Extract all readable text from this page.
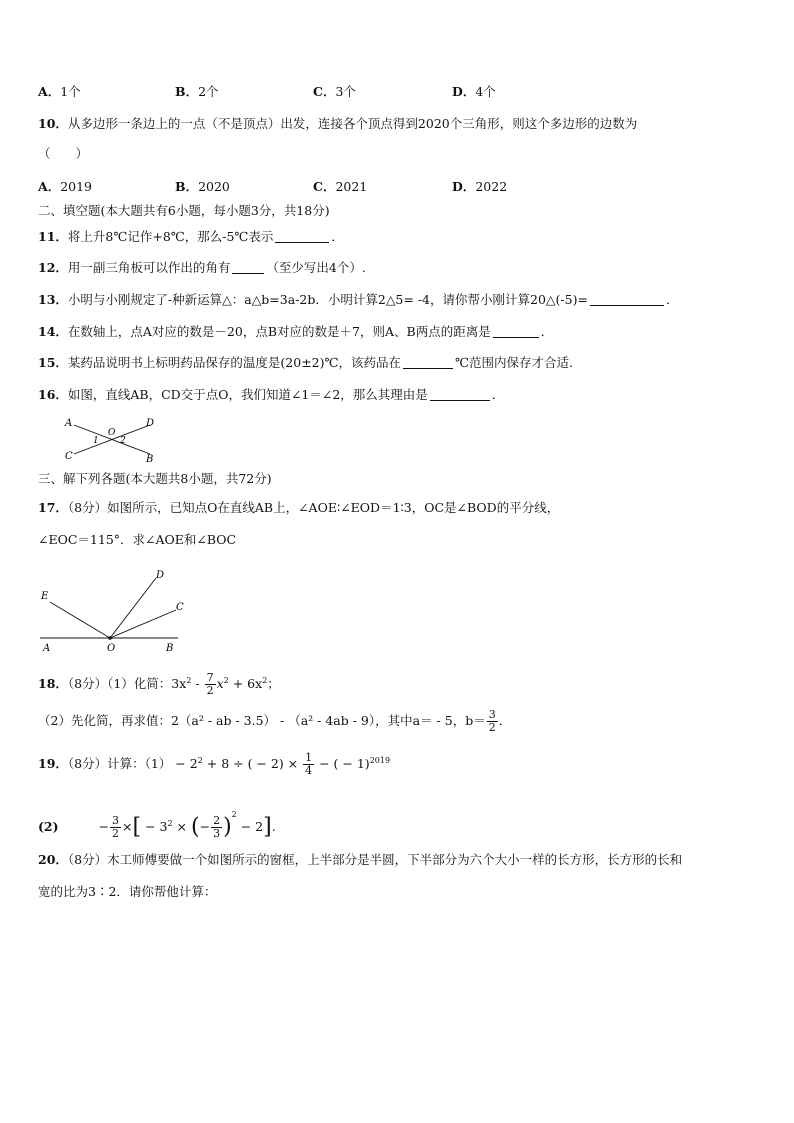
A．1个	B．2个	C．3个	D．4个
10．从多边形一条边上的一点（不是顶点）出发，连接各个顶点得到2020个三角形，则这个多边形的边数为
（　　）
A．2019	B．2020	C．2021	D．2022
二、填空题(本大题共有6小题，每小题3分，共18分)
11．将上升8℃记作+8℃，那么-5℃表示	．
12．用一副三角板可以作出的角有	（至少写出4个）.
13．小明与小刚规定了-种新运算△：a△b=3a-2b．小明计算2△5= -4，请你帮小刚计算20△(-5)=	．
14．在数轴上，点A对应的数是－20，点B对应的数是＋7，则A、B两点的距离是	．
15．某药品说明书上标明药品保存的温度是(20±2)℃，该药品在	℃范围内保存才合适.
16．如图，直线AB，CD交于点O，我们知道∠1＝∠2，那么其理由是	．
A	D
C	B
O
1 2
三、解下列各题(本大题共8小题，共72分)
17．（8分）如图所示，已知点O在直线AB上，∠AOE∶∠EOD＝1∶3，OC是∠BOD的平分线，
∠EOC＝115°．求∠AOE和∠BOC
E
D
C
A	O	B
18．（8分）（1）化简：$3x^2 - \frac{7}{2} x^2 + 6x^2$；
（2）先化简，再求值：2（a² - ab - 3.5） - （a² - 4ab - 9），其中a＝ - 5，$b= \frac{3}{2}$ ．
19．（8分）计算：$(1) - 2^2 + 8$ ÷ ( − $2) \times \frac{1}{4}$ − ( − 1)$^{2019}$
(2)	− $\frac{3}{2}$ ×[ − $3^2$ × (− $\frac{2}{3} )^2 - 2$].
20．（8分）木工师傅要做一个如图所示的窗框，上半部分是半圆，下半部分为六个大小一样的长方形，长方形的长和
宽的比为3∶2．请你帮他计算：
